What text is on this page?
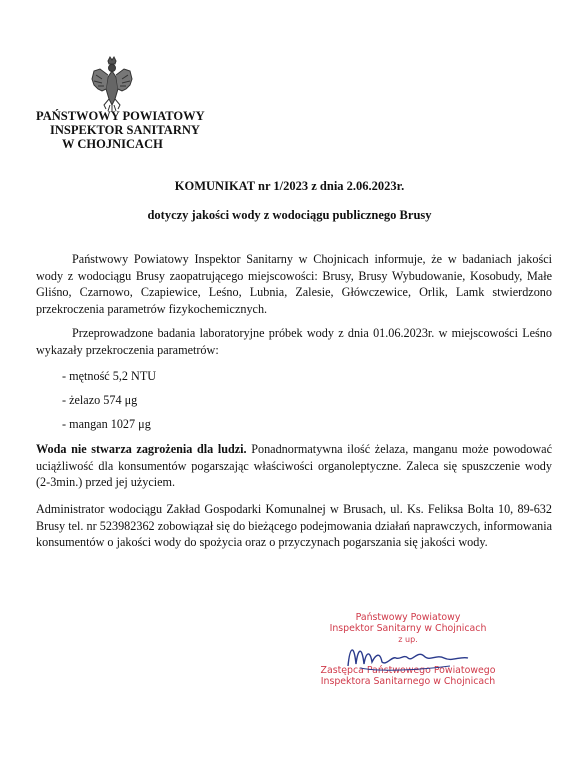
PAŃSTWOWY POWIATOWY
INSPEKTOR SANITARNY
W CHOJNICACH
KOMUNIKAT nr 1/2023 z dnia 2.06.2023r.
dotyczy jakości wody z wodociągu publicznego Brusy
Państwowy Powiatowy Inspektor Sanitarny w Chojnicach informuje, że w badaniach jakości wody z wodociągu Brusy zaopatrującego miejscowości: Brusy, Brusy Wybudowanie, Kosobudy, Małe Gliśno, Czarnowo, Czapiewice, Leśno, Lubnia, Zalesie, Główczewice, Orlik, Lamk stwierdzono przekroczenia parametrów fizykochemicznych.
Przeprowadzone badania laboratoryjne próbek wody z dnia 01.06.2023r. w miejscowości Leśno wykazały przekroczenia parametrów:
- mętność 5,2 NTU
- żelazo 574 μg
- mangan 1027 μg
Woda nie stwarza zagrożenia dla ludzi. Ponadnormatywna ilość żelaza, manganu może powodować uciążliwość dla konsumentów pogarszając właściwości organoleptyczne. Zaleca się spuszczenie wody (2-3min.) przed jej użyciem.
Administrator wodociągu Zakład Gospodarki Komunalnej w Brusach, ul. Ks. Feliksa Bolta 10, 89-632 Brusy tel. nr 523982362 zobowiązał się do bieżącego podejmowania działań naprawczych, informowania konsumentów o jakości wody do spożycia oraz o przyczynach pogarszania się jakości wody.
Państwowy Powiatowy
Inspektor Sanitarny w Chojnicach
z up.
Zastępca Państwowego Powiatowego
Inspektora Sanitarnego w Chojnicach
